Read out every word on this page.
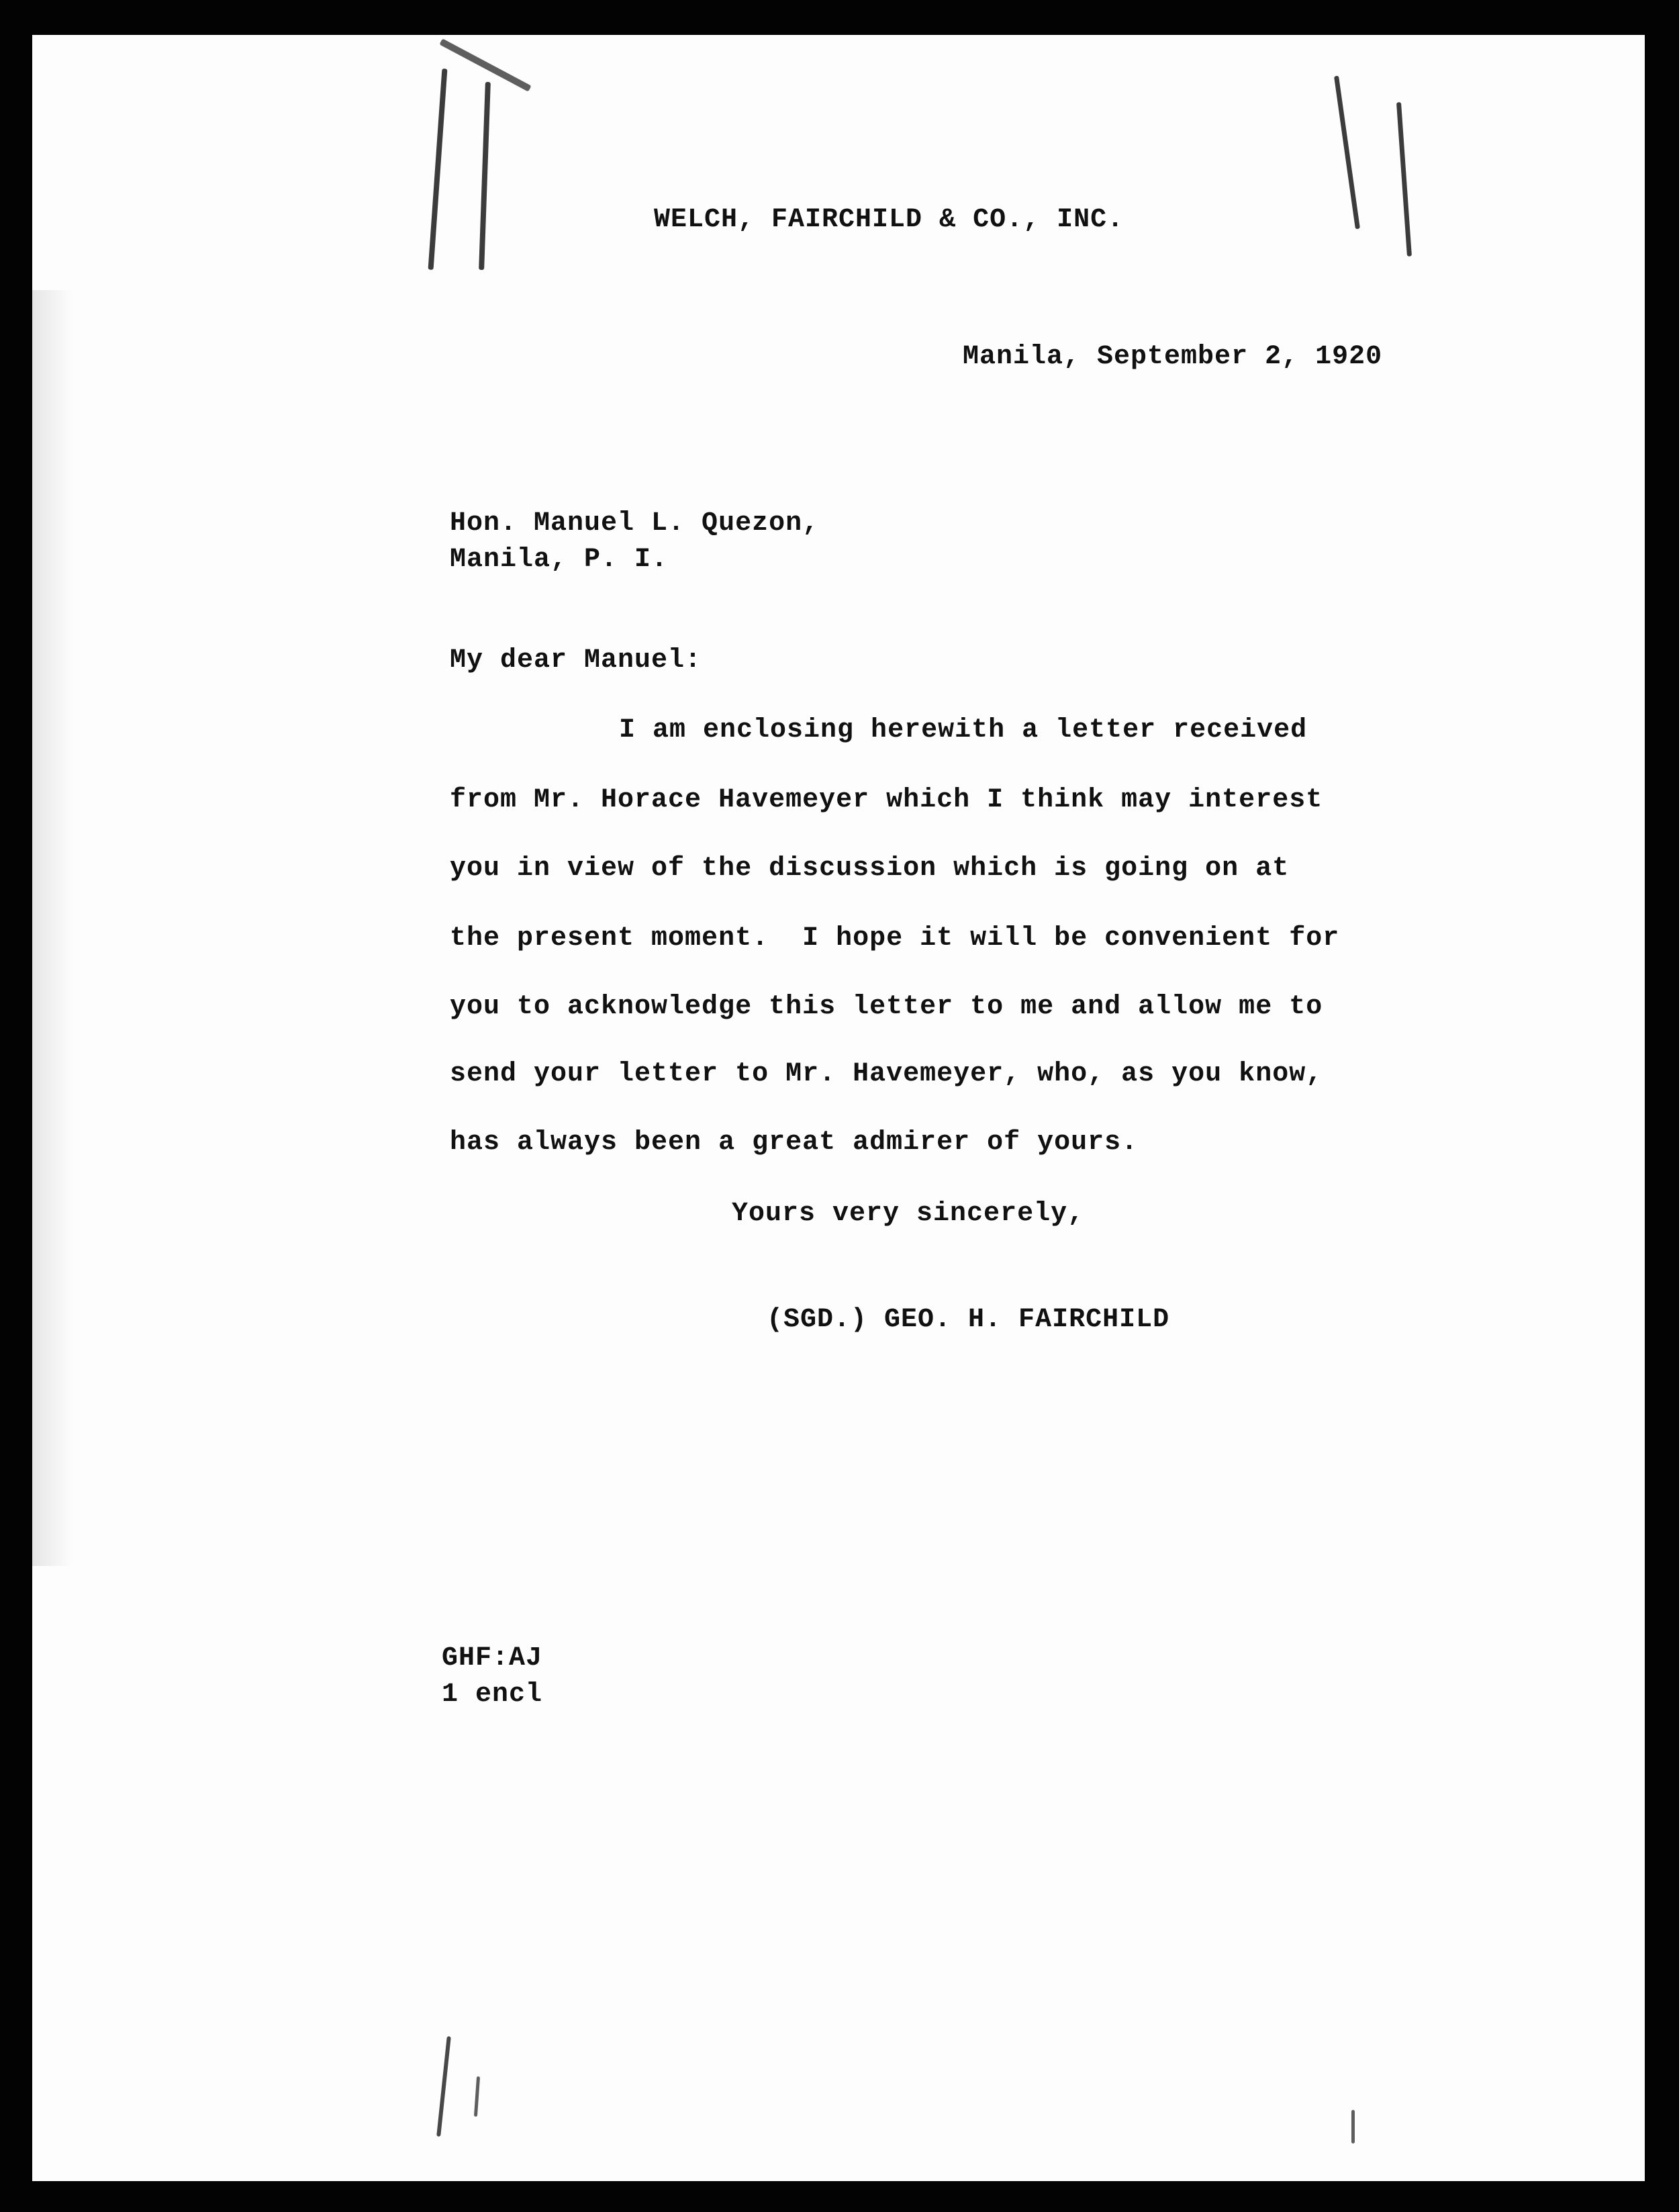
WELCH, FAIRCHILD & CO., INC.
Manila, September 2, 1920
Hon. Manuel L. Quezon,
Manila, P. I.
My dear Manuel:
I am enclosing herewith a letter received
from Mr. Horace Havemeyer which I think may interest
you in view of the discussion which is going on at
the present moment.  I hope it will be convenient for
you to acknowledge this letter to me and allow me to
send your letter to Mr. Havemeyer, who, as you know,
has always been a great admirer of yours.
Yours very sincerely,
(SGD.) GEO. H. FAIRCHILD
GHF:AJ
1 encl
